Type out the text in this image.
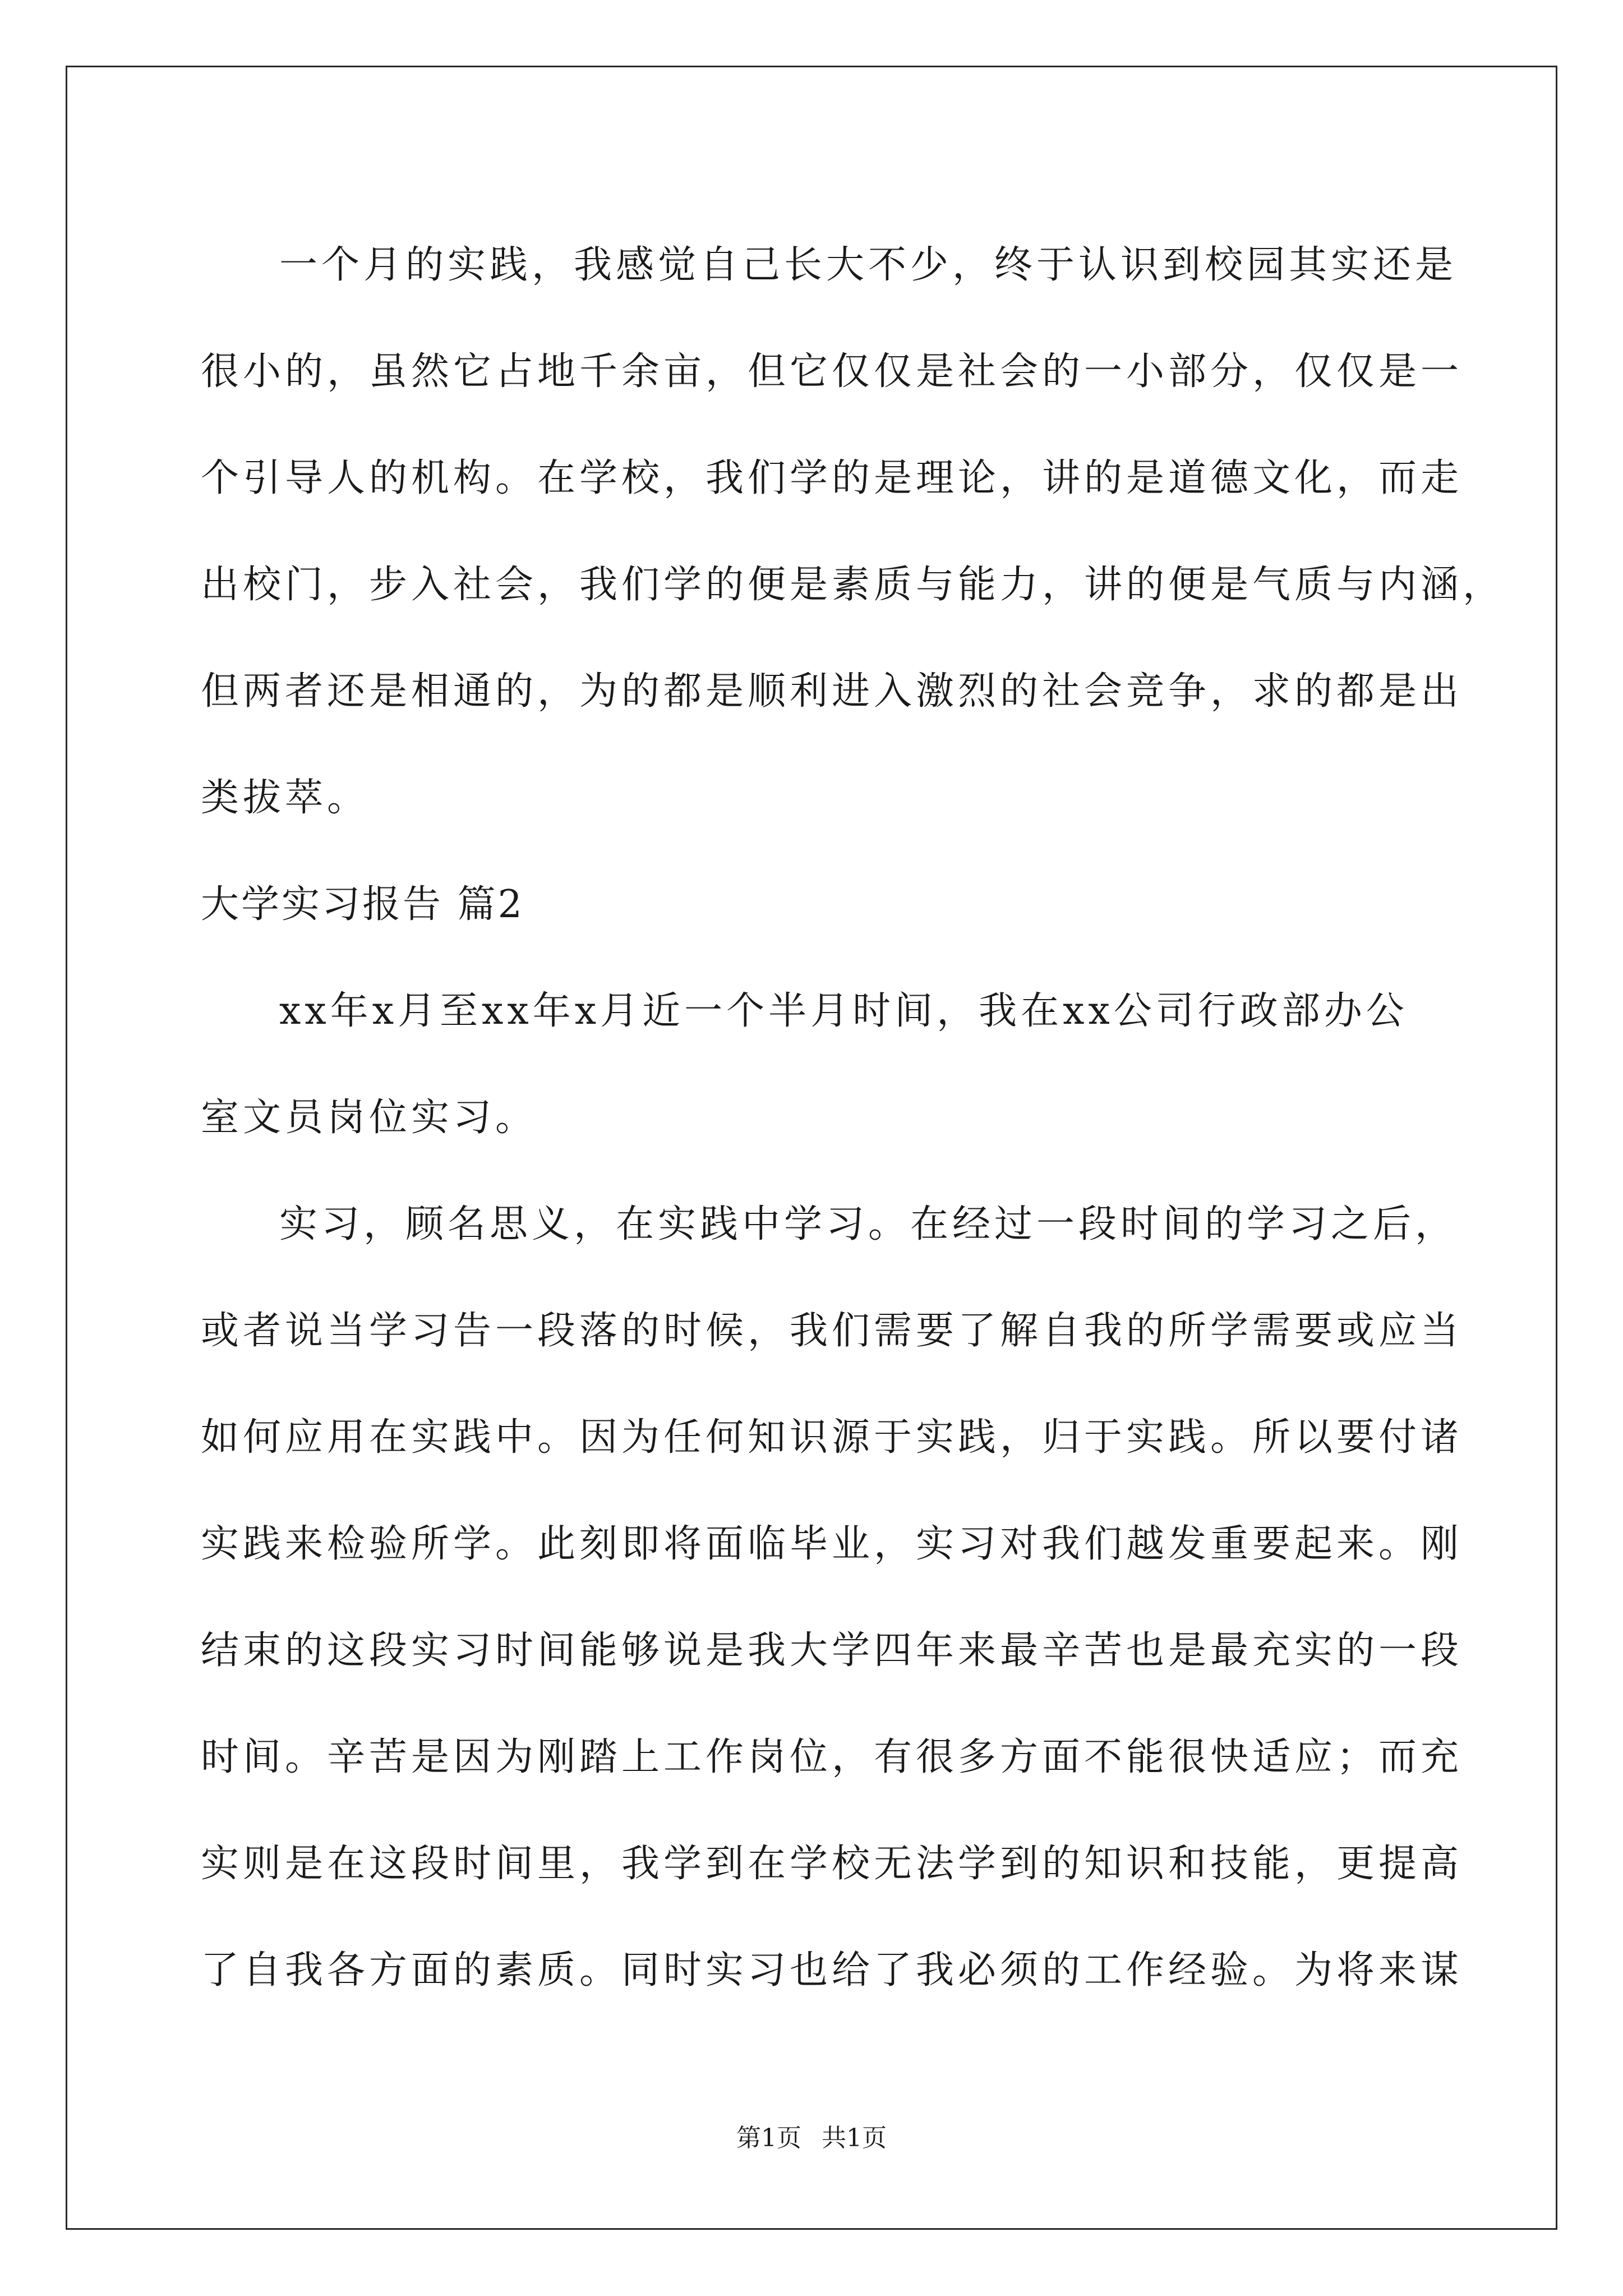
一个月的实践，我感觉自己长大不少，终于认识到校园其实还是
很小的，虽然它占地千余亩，但它仅仅是社会的一小部分，仅仅是一
个引导人的机构。在学校，我们学的是理论，讲的是道德文化，而走
出校门，步入社会，我们学的便是素质与能力，讲的便是气质与内涵，
但两者还是相通的，为的都是顺利进入激烈的社会竞争，求的都是出
类拔萃。
大学实习报告 篇2
xx年x月至xx年x月近一个半月时间，我在xx公司行政部办公
室文员岗位实习。
实习，顾名思义，在实践中学习。在经过一段时间的学习之后，
或者说当学习告一段落的时候，我们需要了解自我的所学需要或应当
如何应用在实践中。因为任何知识源于实践，归于实践。所以要付诸
实践来检验所学。此刻即将面临毕业，实习对我们越发重要起来。刚
结束的这段实习时间能够说是我大学四年来最辛苦也是最充实的一段
时间。辛苦是因为刚踏上工作岗位，有很多方面不能很快适应；而充
实则是在这段时间里，我学到在学校无法学到的知识和技能，更提高
了自我各方面的素质。同时实习也给了我必须的工作经验。为将来谋
第1页 共1页
